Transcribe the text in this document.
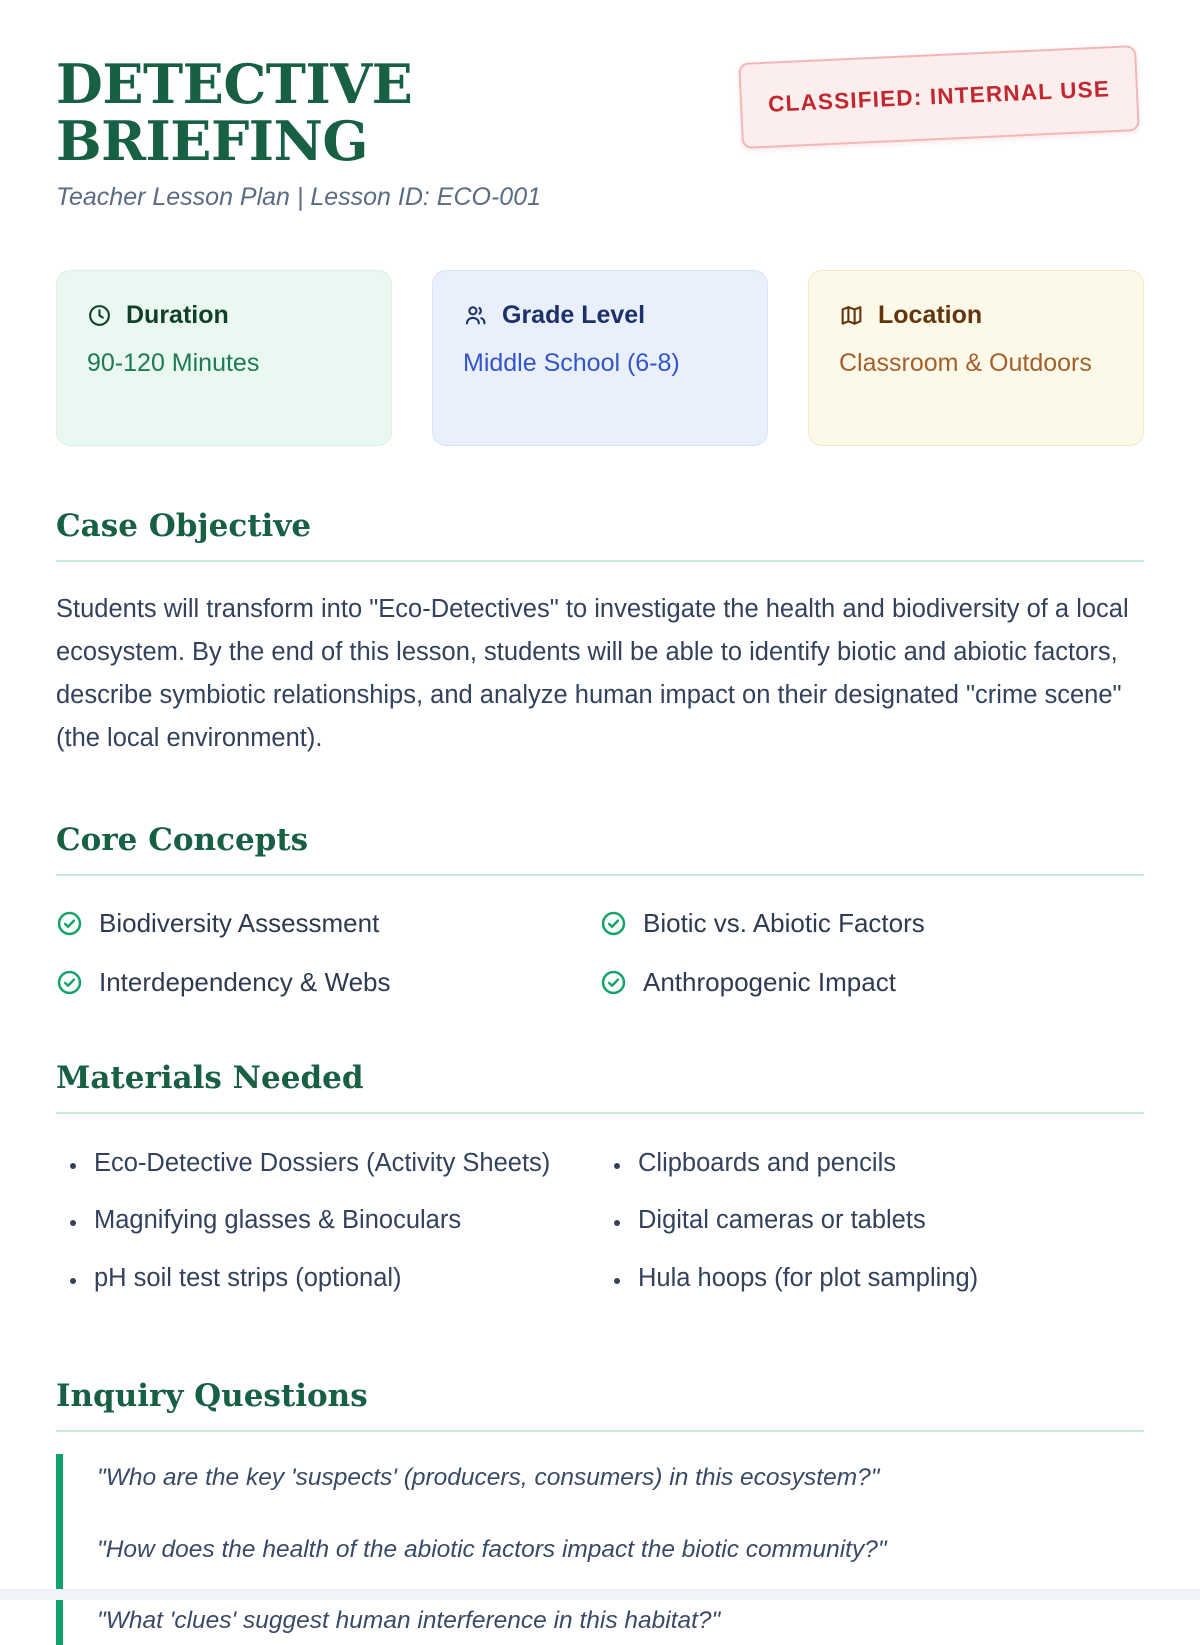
DETECTIVE BRIEFING

Teacher Lesson Plan | Lesson ID: ECO-001

CLASSIFIED: INTERNAL USE
Duration
90-120 Minutes
Grade Level
Middle School (6-8)
Location
Classroom & Outdoors
Case Objective

Students will transform into "Eco-Detectives" to investigate the health and biodiversity of a local ecosystem. By the end of this lesson, students will be able to identify biotic and abiotic factors, describe symbiotic relationships, and analyze human impact on their designated "crime scene" (the local environment).

Core Concepts
Biodiversity Assessment	Biotic vs. Abiotic Factors
Interdependency & Webs	Anthropogenic Impact
Materials Needed
• Eco-Detective Dossiers (Activity Sheets)
• Magnifying glasses & Binoculars
• pH soil test strips (optional)
• Clipboards and pencils
• Digital cameras or tablets
• Hula hoops (for plot sampling)
Inquiry Questions

"Who are the key 'suspects' (producers, consumers) in this ecosystem?"

"How does the health of the abiotic factors impact the biotic community?"

"What 'clues' suggest human interference in this habitat?"
